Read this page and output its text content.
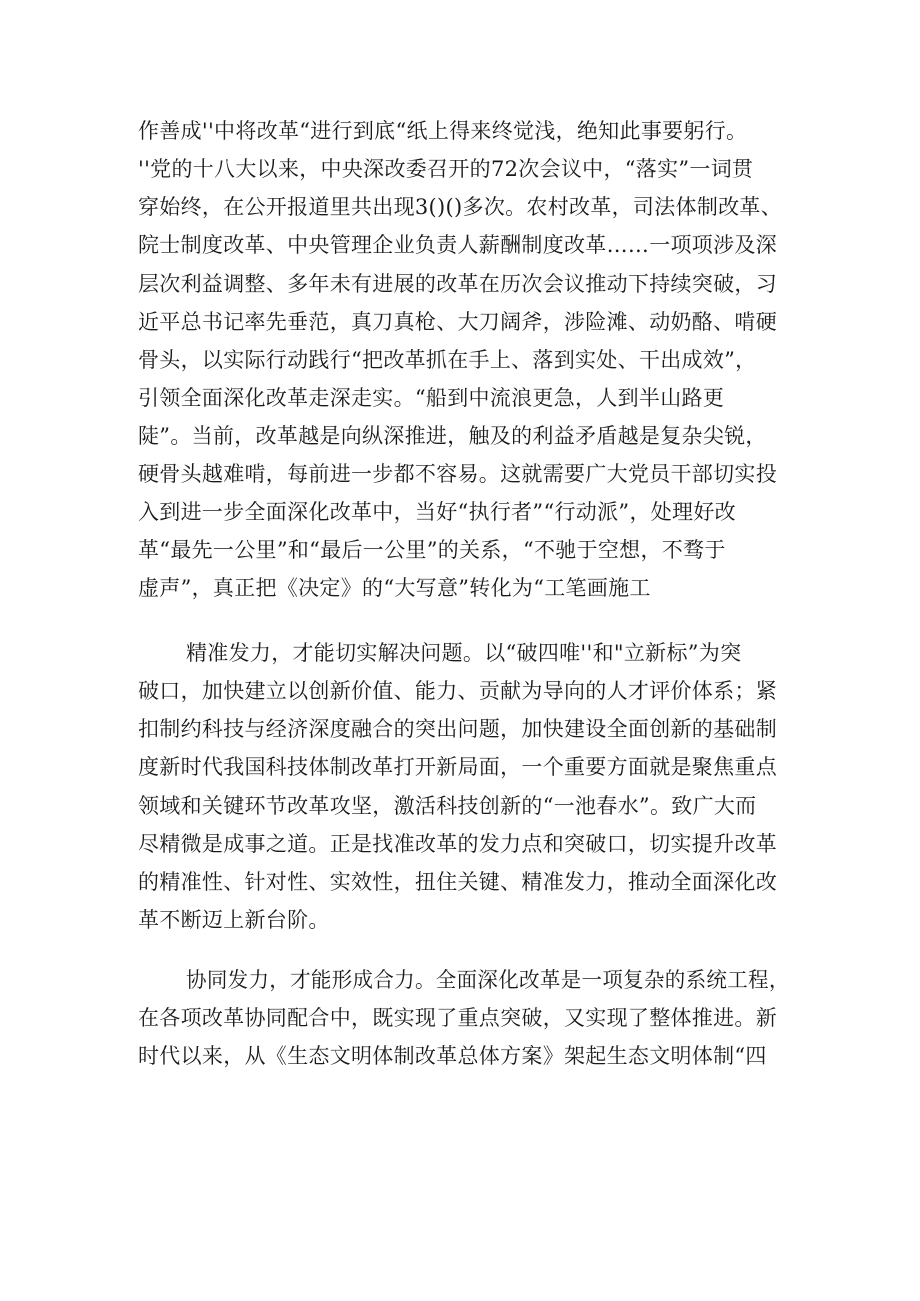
作善成''中将改革“进行到底“纸上得来终觉浅，绝知此事要躬行。
''党的十八大以来，中央深改委召开的72次会议中，“落实”一词贯
穿始终，在公开报道里共出现3()()多次。农村改革，司法体制改革、
院士制度改革、中央管理企业负责人薪酬制度改革……一项项涉及深
层次利益调整、多年未有进展的改革在历次会议推动下持续突破，习
近平总书记率先垂范，真刀真枪、大刀阔斧，涉险滩、动奶酪、啃硬
骨头，以实际行动践行“把改革抓在手上、落到实处、干出成效”，
引领全面深化改革走深走实。“船到中流浪更急，人到半山路更
陡”。当前，改革越是向纵深推进，触及的利益矛盾越是复杂尖锐，
硬骨头越难啃，每前进一步都不容易。这就需要广大党员干部切实投
入到进一步全面深化改革中，当好“执行者”“行动派”，处理好改
革“最先一公里”和“最后一公里”的关系，“不驰于空想，不骛于
虚声”，真正把《决定》的“大写意”转化为“工笔画施工
精准发力，才能切实解决问题。以“破四唯''和"立新标”为突
破口，加快建立以创新价值、能力、贡献为导向的人才评价体系；紧
扣制约科技与经济深度融合的突出问题，加快建设全面创新的基础制
度新时代我国科技体制改革打开新局面，一个重要方面就是聚焦重点
领域和关键环节改革攻坚，激活科技创新的“一池春水”。致广大而
尽精微是成事之道。正是找准改革的发力点和突破口，切实提升改革
的精准性、针对性、实效性，扭住关键、精准发力，推动全面深化改
革不断迈上新台阶。
协同发力，才能形成合力。全面深化改革是一项复杂的系统工程，
在各项改革协同配合中，既实现了重点突破，又实现了整体推进。新
时代以来，从《生态文明体制改革总体方案》架起生态文明体制“四
